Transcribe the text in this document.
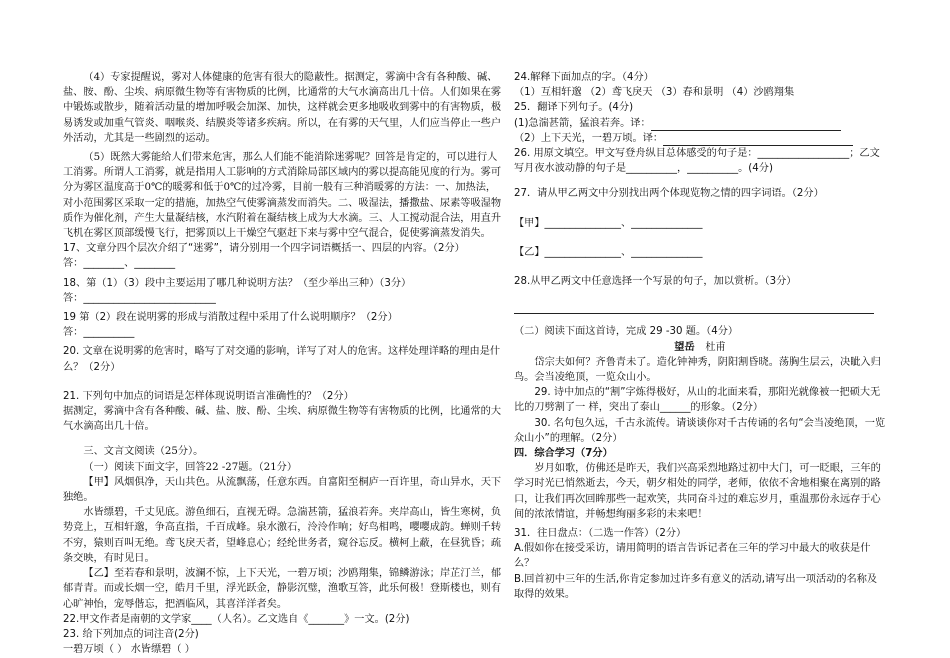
（4）专家提醒说，雾对人体健康的危害有很大的隐蔽性。据测定，雾滴中含有各种酸、碱、盐、胺、酚、尘埃、病原微生物等有害物质的比例，比通常的大气水滴高出几十倍。人们如果在雾中锻炼或散步，随着活动量的增加呼吸会加深、加快，这样就会更多地吸收到雾中的有害物质，极易诱发或加重气管炎、咽喉炎、结膜炎等诸多疾病。所以，在有雾的天气里，人们应当停止一些户外活动，尤其是一些剧烈的运动。

（5）既然大雾能给人们带来危害，那么人们能不能消除迷雾呢？回答是肯定的，可以进行人工消雾。所谓人工消雾，就是指用人工影响的方式消除局部区域内的雾以提高能见度的行为。雾可分为雾区温度高于0℃的暖雾和低于0℃的过冷雾，目前一般有三种消暖雾的方法：一、加热法，对小范围雾区采取一定的措施，加热空气使雾滴蒸发而消失。二、吸湿法，播撒盐、尿素等吸湿物质作为催化剂，产生大量凝结核，水汽附着在凝结核上成为大水滴。三、人工搅动混合法，用直升飞机在雾区顶部缓慢飞行，把雾顶以上干燥空气驱赶下来与雾中空气混合，促使雾滴蒸发消失。

17、文章分四个层次介绍了“迷雾”，请分别用一个四字词语概括一、四层的内容。（2分）

答：________、________

18、第（1）（3）段中主要运用了哪几种说明方法？（至少举出三种）（3分）

答：__________________________

19 第（2）段在说明雾的形成与消散过程中采用了什么说明顺序？（2分）

答：__________

20. 文章在说明雾的危害时，略写了对交通的影响，详写了对人的危害。这样处理详略的理由是什么？（2分）

21. 下列句中加点的词语是怎样体现说明语言准确性的？（2分）

据测定，雾滴中含有各种酸、碱、盐、胺、酚、尘埃、病原微生物等有害物质的比例，比通常的大气水滴高出几十倍。

三、文言文阅读（25分）。

（一）阅读下面文字，回答22 -27题。（21分）

【甲】风烟俱净，天山共色。从流飘荡，任意东西。自富阳至桐庐一百许里，奇山异水，天下独绝。

水皆缥碧，千丈见底。游鱼细石，直视无碍。急湍甚箭，猛浪若奔。夹岸高山，皆生寒树，负势竞上，互相轩邈，争高直指，千百成峰。泉水激石，泠泠作响；好鸟相鸣，嘤嘤成韵。蝉则千转不穷，猿则百叫无绝。鸢飞戾天者，望峰息心；经纶世务者，窥谷忘反。横柯上蔽，在昼犹昏；疏条交映，有时见日。

【乙】至若春和景明，波澜不惊，上下天光，一碧万顷；沙鸥翔集，锦鳞游泳；岸芷汀兰，郁郁青青。而或长烟一空，皓月千里，浮光跃金，静影沉璧，渔歌互答，此乐何极！登斯楼也，则有心旷神怡，宠辱偕忘，把酒临风，其喜洋洋者矣。

22.甲文作者是南朝的文学家____（人名）。乙文选自《_______》一文。(2分)

23. 给下列加点的词注音(2分)

一碧万顷（ ） 水皆缥碧（ ）

24.解释下面加点的字。（4分）

（1）互相轩邈 （2）鸢飞戾天 （3）春和景明 （4）沙鸥翔集

25．翻译下列句子。(4分)

(1)急湍甚箭，猛浪若奔。译：

（2）上下天光，一碧万顷。译：

26. 用原文填空。甲文写登舟纵目总体感受的句子是：__________________；乙文写月夜水波动静的句子是__________，__________。(4分)

27．请从甲乙两文中分别找出两个体现览物之情的四字词语。（2分）

【甲】_______________、______________

【乙】_______________、______________

28.从甲乙两文中任意选择一个写景的句子，加以赏析。（3分）

（二）阅读下面这首诗，完成 29 -30 题。（4分）

望岳 杜甫

岱宗夫如何？齐鲁青未了。造化钟神秀，阴阳割昏晓。荡胸生层云，决眦入归鸟。会当凌绝顶，一览众山小。

29. 诗中加点的“割”字炼得极好，从山的北面来看，那阳光就像被一把硕大无比的刀劈割了一 样，突出了泰山______的形象。（2分）

30. 名句包久远，千古永流传。请谈谈你对千古传诵的名句“会当凌绝顶，一览众山小”的理解。（2分）

四．综合学习（7分）

岁月如歌，仿佛还是昨天，我们兴高采烈地路过初中大门，可一眨眼，三年的学习时光已悄然逝去，今天，朝夕相处的同学，老师，依依不舍地相聚在离别的路口，让我们再次回眸那些一起欢笑，共同奋斗过的难忘岁月，重温那份永远存于心间的浓浓情谊，并畅想绚丽多彩的未来吧！

31．往日盘点：（二选一作答）（2分）

A.假如你在接受采访，请用简明的语言告诉记者在三年的学习中最大的收获是什么？

B.回首初中三年的生活,你肯定参加过许多有意义的活动,请写出一项活动的名称及取得的效果。
